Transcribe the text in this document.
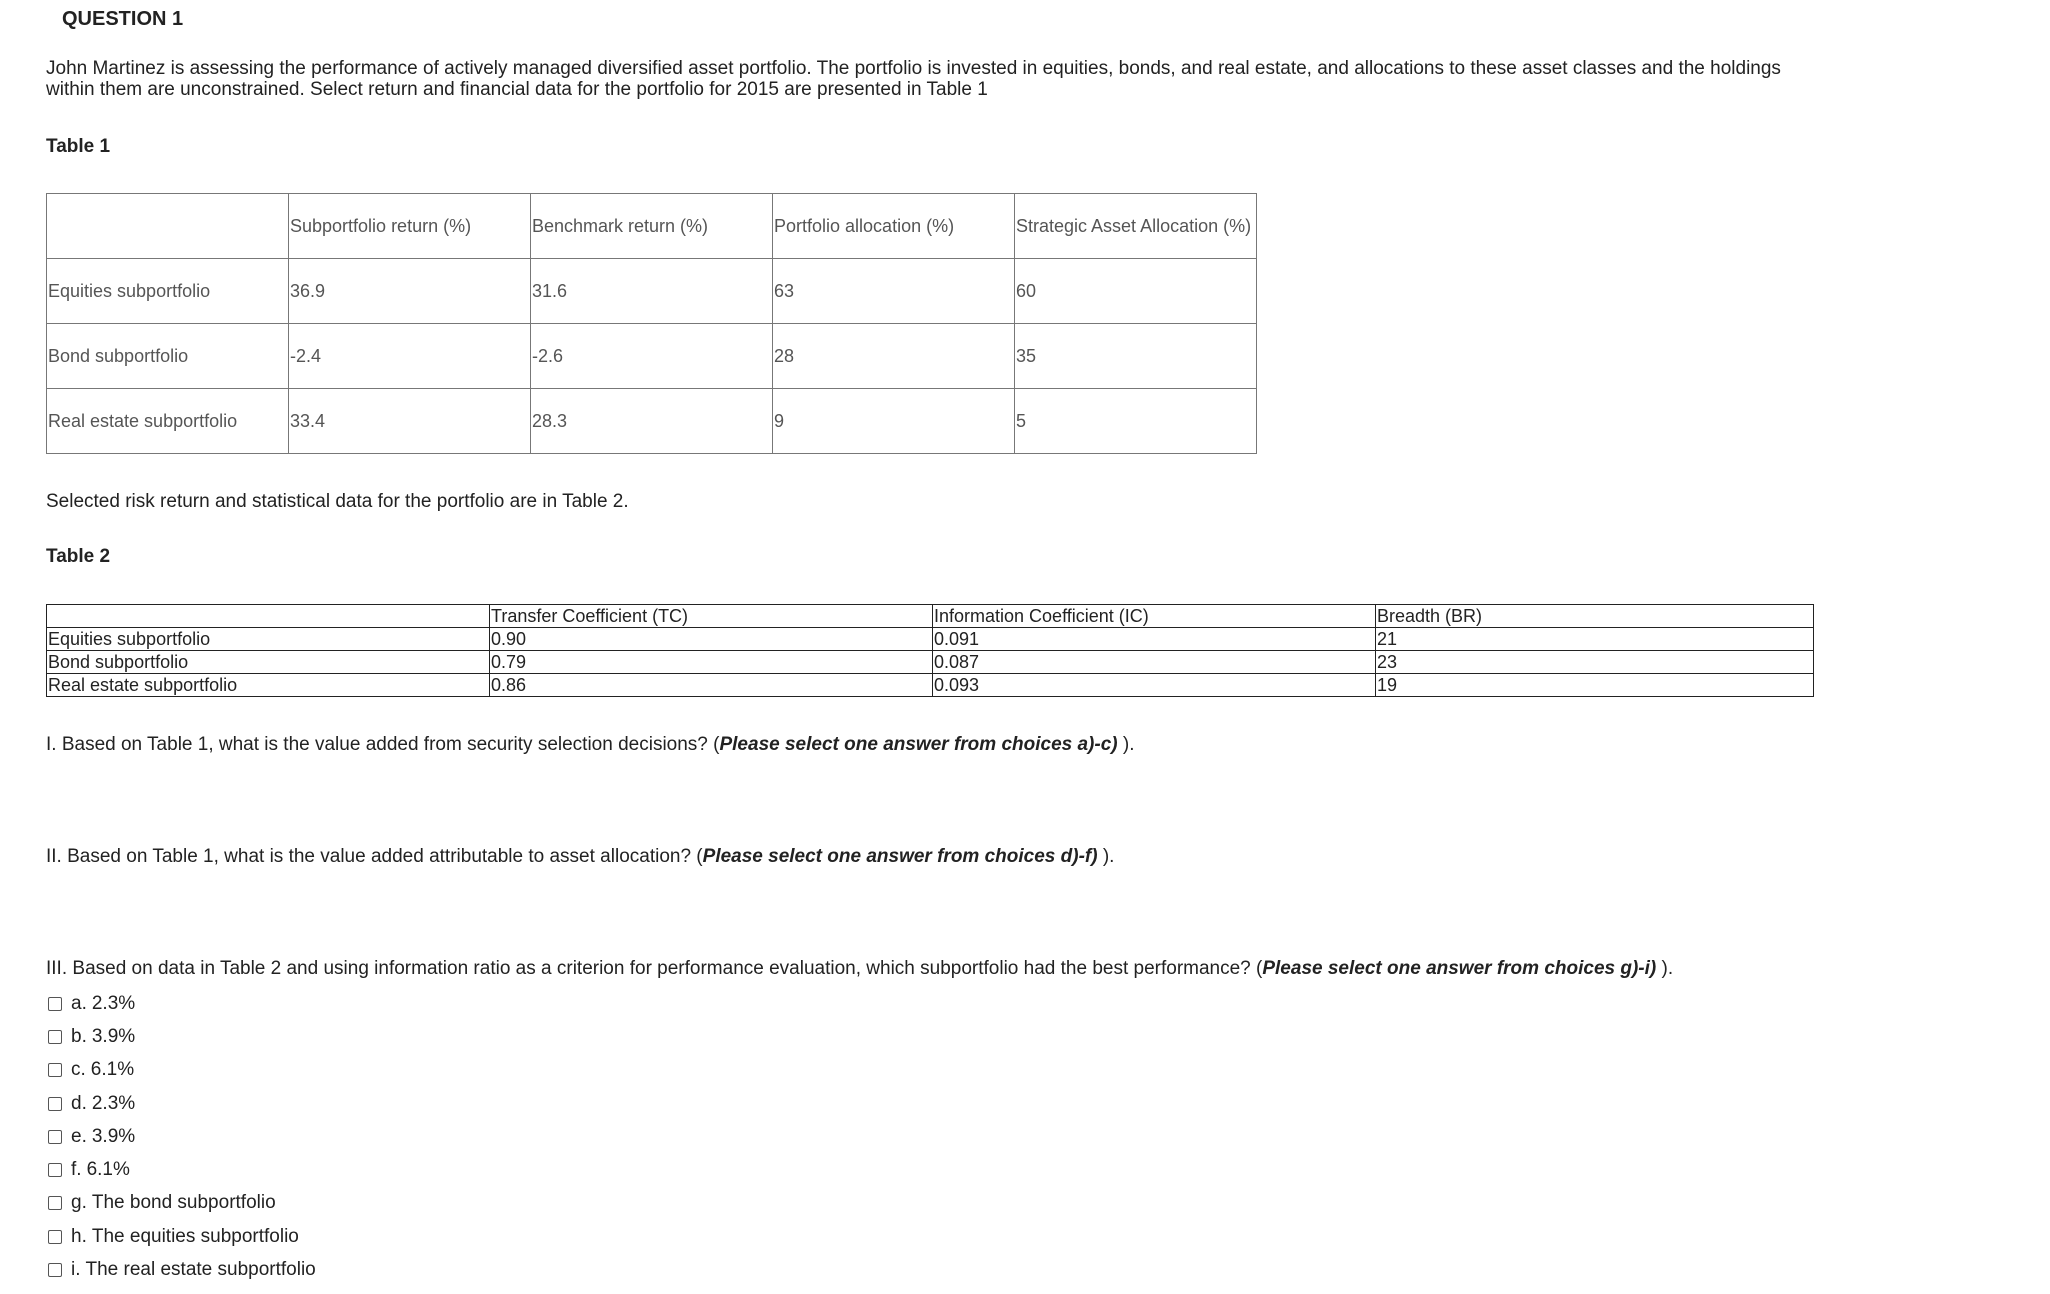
QUESTION 1
John Martinez is assessing the performance of actively managed diversified asset portfolio. The portfolio is invested in equities, bonds, and real estate, and allocations to these asset classes and the holdings within them are unconstrained. Select return and financial data for the portfolio for 2015 are presented in Table 1
Table 1
	Subportfolio return (%)	Benchmark return (%)	Portfolio allocation (%)	Strategic Asset Allocation (%)
Equities subportfolio	36.9	31.6	63	60
Bond subportfolio	-2.4	-2.6	28	35
Real estate subportfolio	33.4	28.3	9	5
Selected risk return and statistical data for the portfolio are in Table 2.
Table 2
	Transfer Coefficient (TC)	Information Coefficient (IC)	Breadth (BR)
Equities subportfolio	0.90	0.091	21
Bond subportfolio	0.79	0.087	23
Real estate subportfolio	0.86	0.093	19
I. Based on Table 1, what is the value added from security selection decisions? (Please select one answer from choices a)-c) ).
II. Based on Table 1, what is the value added attributable to asset allocation? (Please select one answer from choices d)-f) ).
III. Based on data in Table 2 and using information ratio as a criterion for performance evaluation, which subportfolio had the best performance? (Please select one answer from choices g)-i) ).
a. 2.3%
b. 3.9%
c. 6.1%
d. 2.3%
e. 3.9%
f. 6.1%
g. The bond subportfolio
h. The equities subportfolio
i. The real estate subportfolio
